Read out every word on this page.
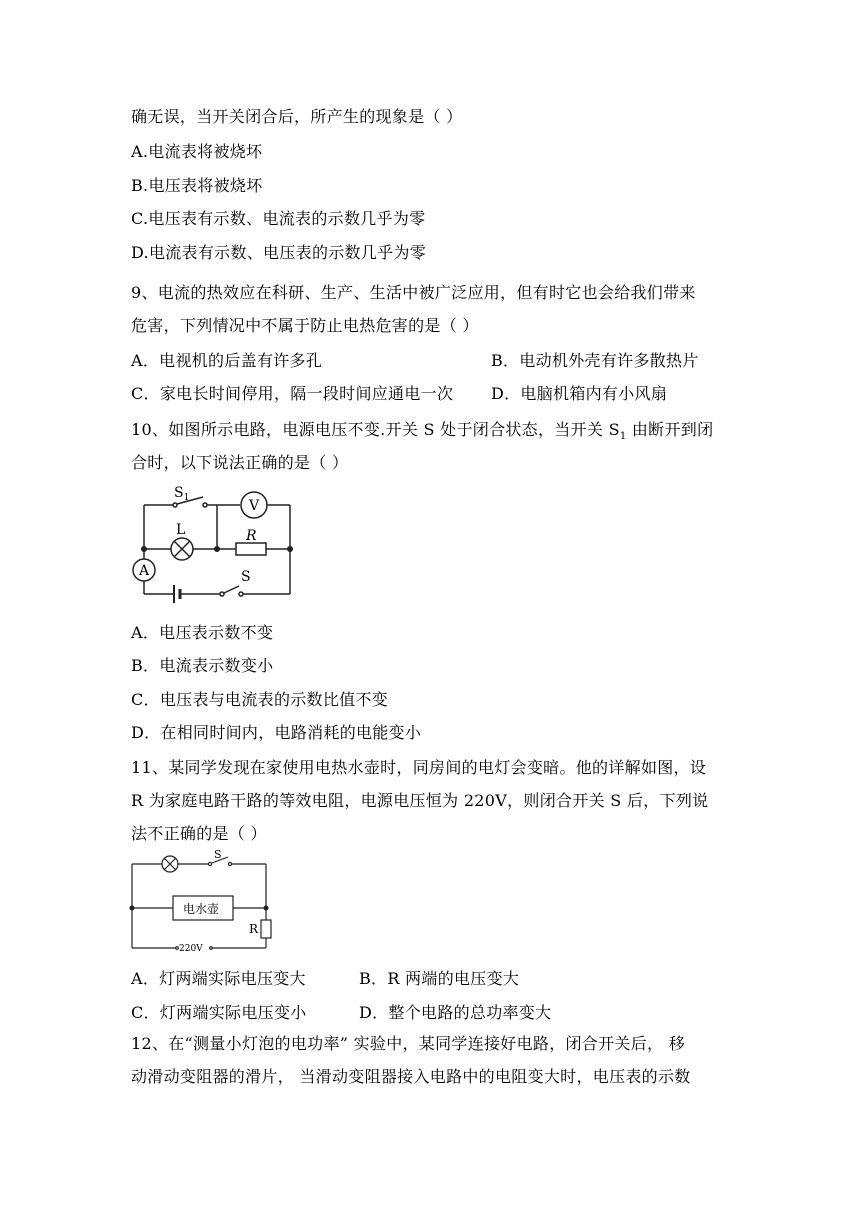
确无误，当开关闭合后，所产生的现象是（ ）
A.电流表将被烧坏
B.电压表将被烧坏
C.电压表有示数、电流表的示数几乎为零
D.电流表有示数、电压表的示数几乎为零
9、电流的热效应在科研、生产、生活中被广泛应用，但有时它也会给我们带来
危害，下列情况中不属于防止电热危害的是（ ）
A．电视机的后盖有许多孔	B．电动机外壳有许多散热片
C．家电长时间停用，隔一段时间应通电一次 D．电脑机箱内有小风扇
10、如图所示电路，电源电压不变.开关 S 处于闭合状态，当开关 $S_1$ 由断开到闭
合时，以下说法正确的是（ ）
$S_1$	V
L	R
A	S
A．电压表示数不变
B．电流表示数变小
C．电压表与电流表的示数比值不变
D．在相同时间内，电路消耗的电能变小
11、某同学发现在家使用电热水壶时，同房间的电灯会变暗。他的详解如图，设
R 为家庭电路干路的等效电阻，电源电压恒为 220V，则闭合开关 S 后，下列说
法不正确的是（ ）
S
电水壶
R
220V
A．灯两端实际电压变大	B．R 两端的电压变大
C．灯两端实际电压变小	D．整个电路的总功率变大
12、在“测量小灯泡的电功率” 实验中，某同学连接好电路，闭合开关后， 移
动滑动变阻器的滑片， 当滑动变阻器接入电路中的电阻变大时，电压表的示数
